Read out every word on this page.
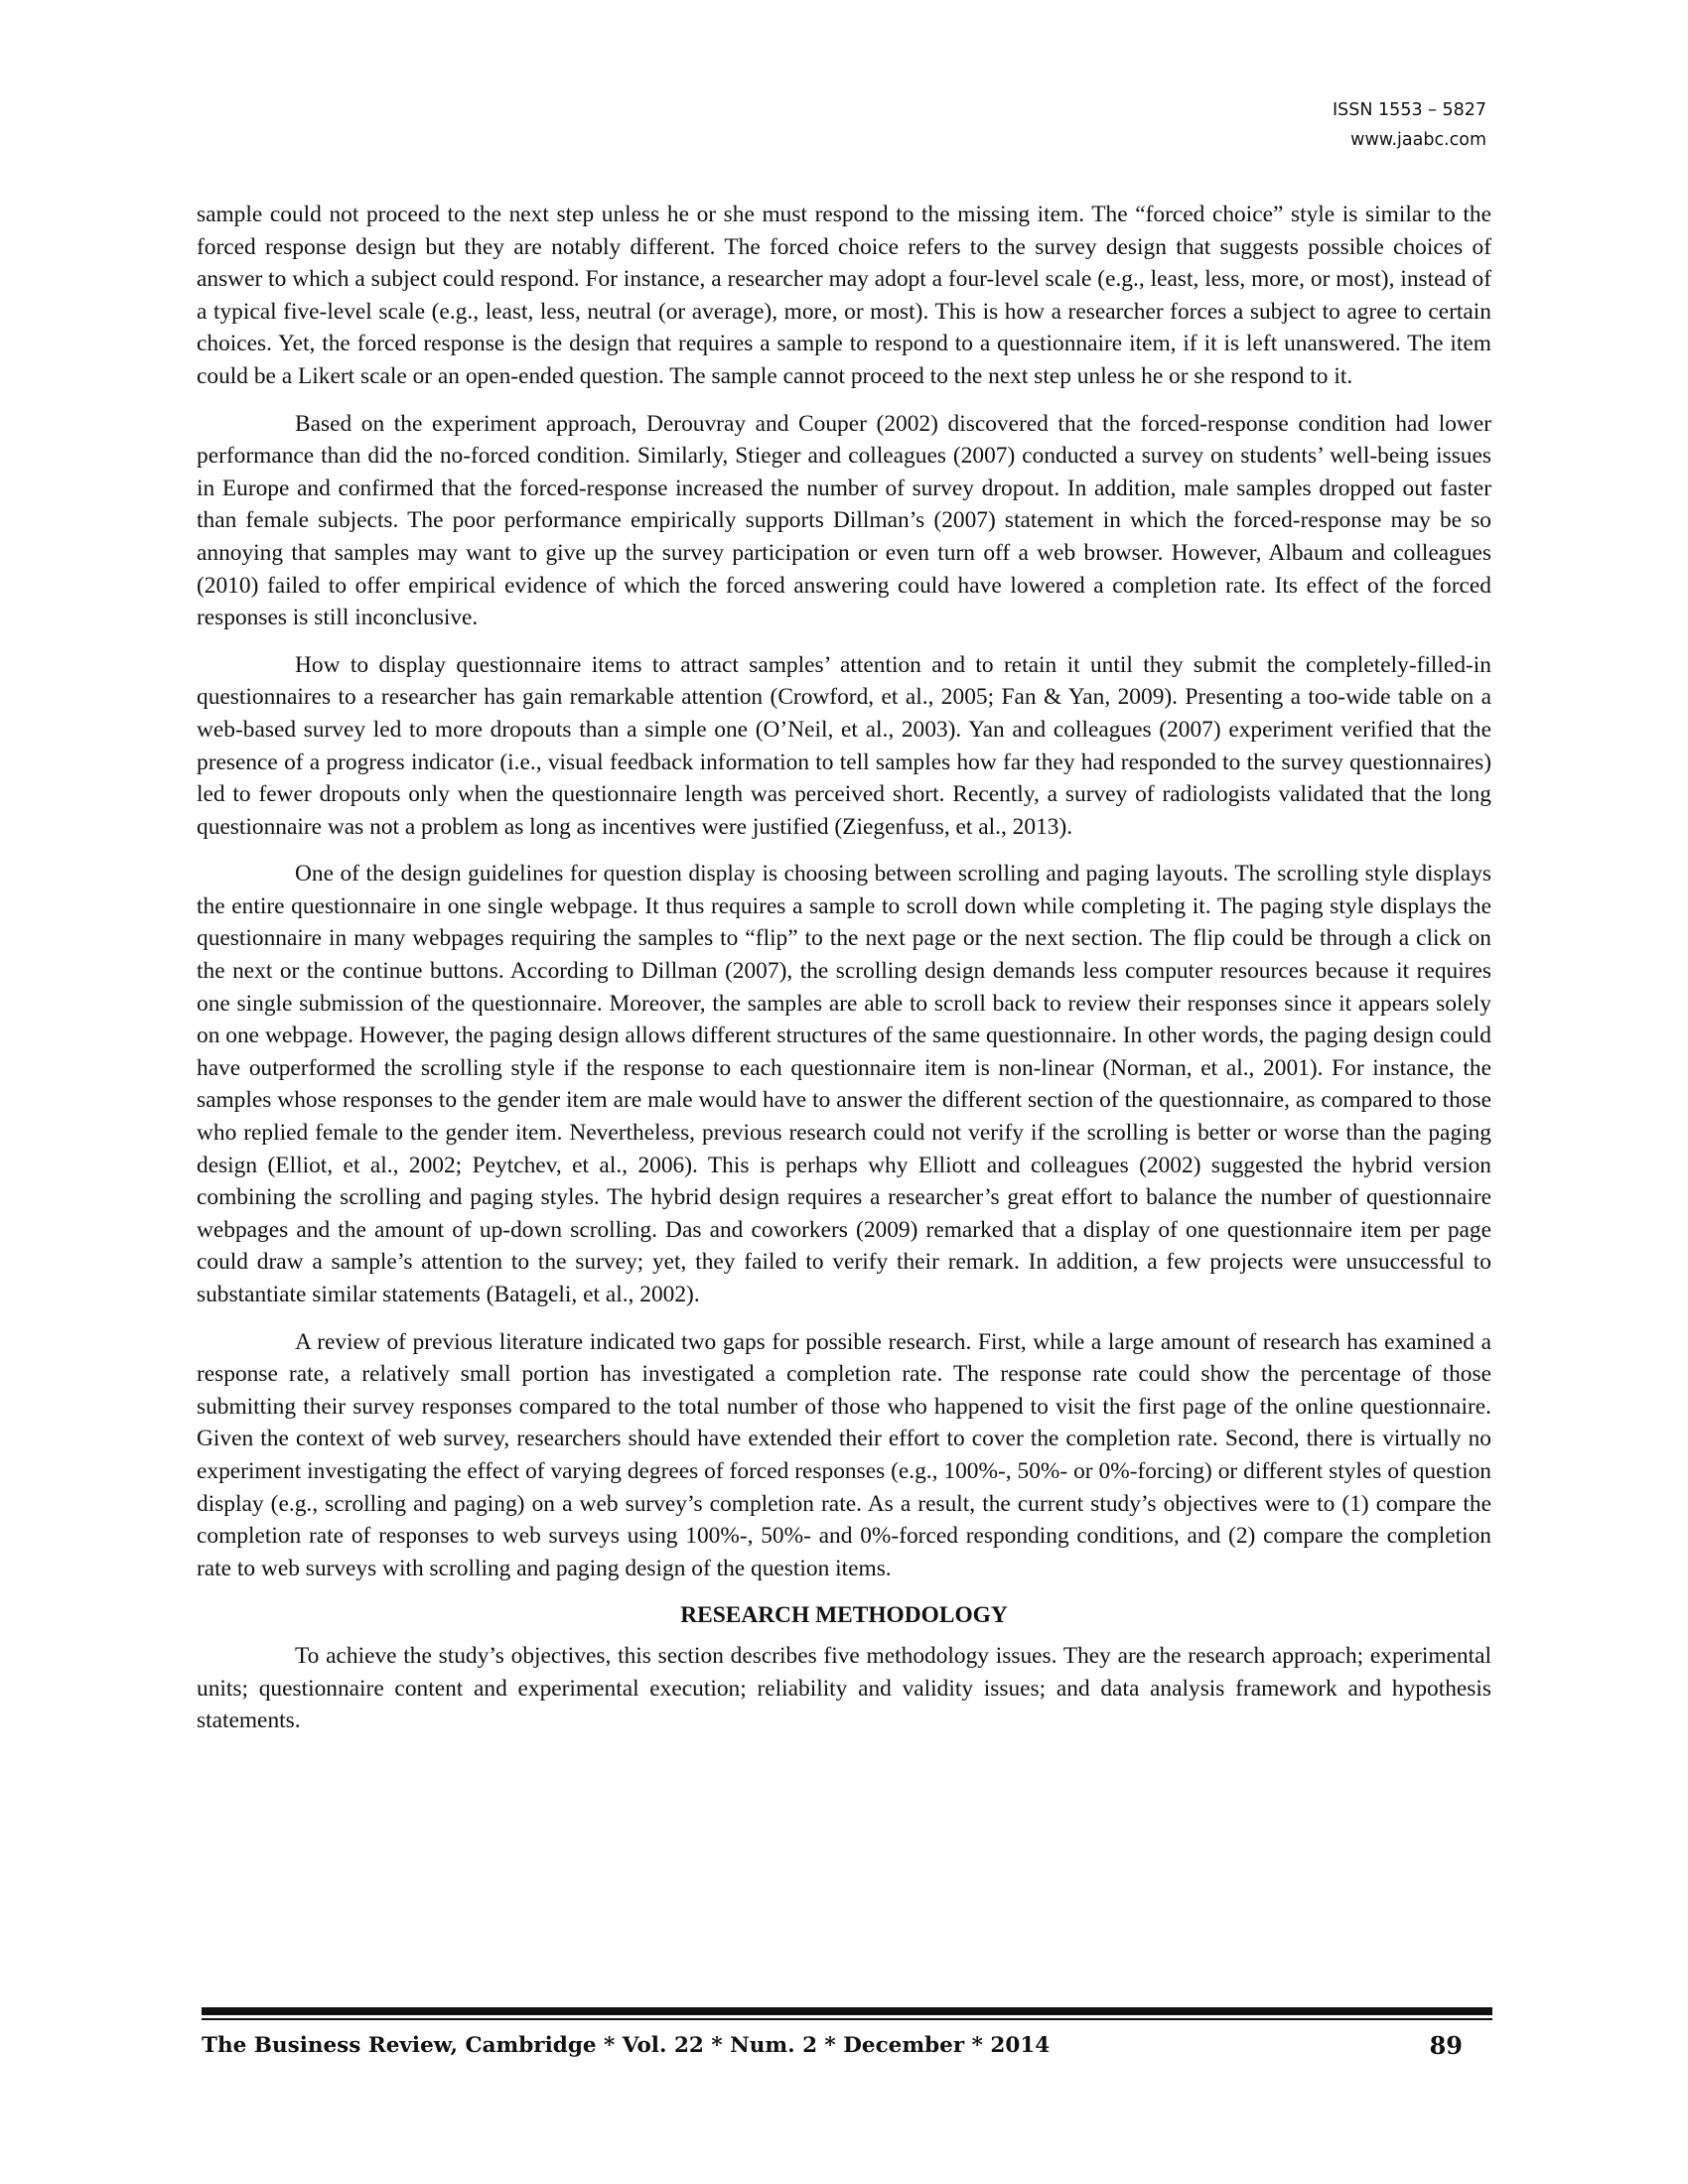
ISSN 1553 – 5827
www.jaabc.com

sample could not proceed to the next step unless he or she must respond to the missing item. The “forced choice” style is similar to the forced response design but they are notably different. The forced choice refers to the survey design that suggests possible choices of answer to which a subject could respond. For instance, a researcher may adopt a four-level scale (e.g., least, less, more, or most), instead of a typical five-level scale (e.g., least, less, neutral (or average), more, or most). This is how a researcher forces a subject to agree to certain choices. Yet, the forced response is the design that requires a sample to respond to a questionnaire item, if it is left unanswered. The item could be a Likert scale or an open-ended question. The sample cannot proceed to the next step unless he or she respond to it.

Based on the experiment approach, Derouvray and Couper (2002) discovered that the forced-response condition had lower performance than did the no-forced condition. Similarly, Stieger and colleagues (2007) conducted a survey on students’ well-being issues in Europe and confirmed that the forced-response increased the number of survey dropout. In addition, male samples dropped out faster than female subjects. The poor performance empirically supports Dillman’s (2007) statement in which the forced-response may be so annoying that samples may want to give up the survey participation or even turn off a web browser. However, Albaum and colleagues (2010) failed to offer empirical evidence of which the forced answering could have lowered a completion rate. Its effect of the forced responses is still inconclusive.

How to display questionnaire items to attract samples’ attention and to retain it until they submit the completely-filled-in questionnaires to a researcher has gain remarkable attention (Crowford, et al., 2005; Fan & Yan, 2009). Presenting a too-wide table on a web-based survey led to more dropouts than a simple one (O’Neil, et al., 2003). Yan and colleagues (2007) experiment verified that the presence of a progress indicator (i.e., visual feedback information to tell samples how far they had responded to the survey questionnaires) led to fewer dropouts only when the questionnaire length was perceived short. Recently, a survey of radiologists validated that the long questionnaire was not a problem as long as incentives were justified (Ziegenfuss, et al., 2013).

One of the design guidelines for question display is choosing between scrolling and paging layouts. The scrolling style displays the entire questionnaire in one single webpage. It thus requires a sample to scroll down while completing it. The paging style displays the questionnaire in many webpages requiring the samples to “flip” to the next page or the next section. The flip could be through a click on the next or the continue buttons. According to Dillman (2007), the scrolling design demands less computer resources because it requires one single submission of the questionnaire. Moreover, the samples are able to scroll back to review their responses since it appears solely on one webpage. However, the paging design allows different structures of the same questionnaire. In other words, the paging design could have outperformed the scrolling style if the response to each questionnaire item is non-linear (Norman, et al., 2001). For instance, the samples whose responses to the gender item are male would have to answer the different section of the questionnaire, as compared to those who replied female to the gender item. Nevertheless, previous research could not verify if the scrolling is better or worse than the paging design (Elliot, et al., 2002; Peytchev, et al., 2006). This is perhaps why Elliott and colleagues (2002) suggested the hybrid version combining the scrolling and paging styles. The hybrid design requires a researcher’s great effort to balance the number of questionnaire webpages and the amount of up-down scrolling. Das and coworkers (2009) remarked that a display of one questionnaire item per page could draw a sample’s attention to the survey; yet, they failed to verify their remark. In addition, a few projects were unsuccessful to substantiate similar statements (Batageli, et al., 2002).

A review of previous literature indicated two gaps for possible research. First, while a large amount of research has examined a response rate, a relatively small portion has investigated a completion rate. The response rate could show the percentage of those submitting their survey responses compared to the total number of those who happened to visit the first page of the online questionnaire. Given the context of web survey, researchers should have extended their effort to cover the completion rate. Second, there is virtually no experiment investigating the effect of varying degrees of forced responses (e.g., 100%-, 50%- or 0%-forcing) or different styles of question display (e.g., scrolling and paging) on a web survey’s completion rate. As a result, the current study’s objectives were to (1) compare the completion rate of responses to web surveys using 100%-, 50%- and 0%-forced responding conditions, and (2) compare the completion rate to web surveys with scrolling and paging design of the question items.

RESEARCH METHODOLOGY

To achieve the study’s objectives, this section describes five methodology issues. They are the research approach; experimental units; questionnaire content and experimental execution; reliability and validity issues; and data analysis framework and hypothesis statements.

The Business Review, Cambridge * Vol. 22 * Num. 2 * December * 2014	89
